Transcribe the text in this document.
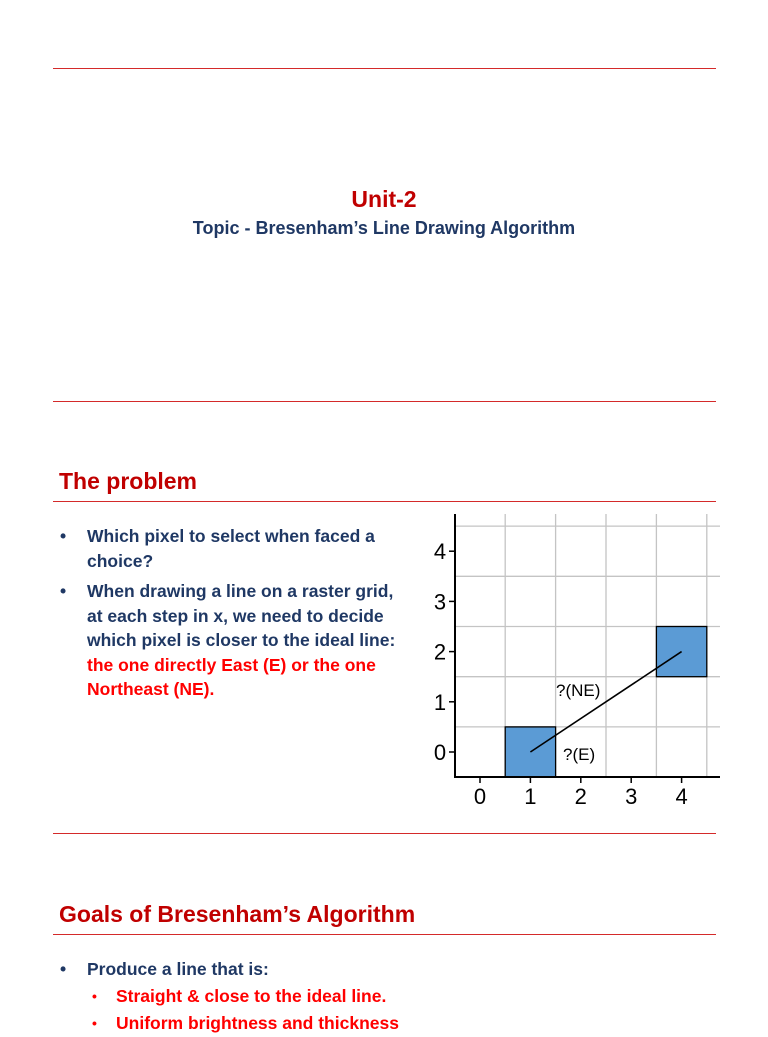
Unit-2
Topic - Bresenham’s Line Drawing Algorithm
The problem
• Which pixel to select when faced a choice?
• When drawing a line on a raster grid, at each step in x, we need to decide which pixel is closer to the ideal line: the one directly East (E) or the one Northeast (NE).
0
1
2
3
4
0 1 2 3 4
?(NE)
?(E)
Goals of Bresenham’s Algorithm
• Produce a line that is:
• Straight & close to the ideal line.
• Uniform brightness and thickness
